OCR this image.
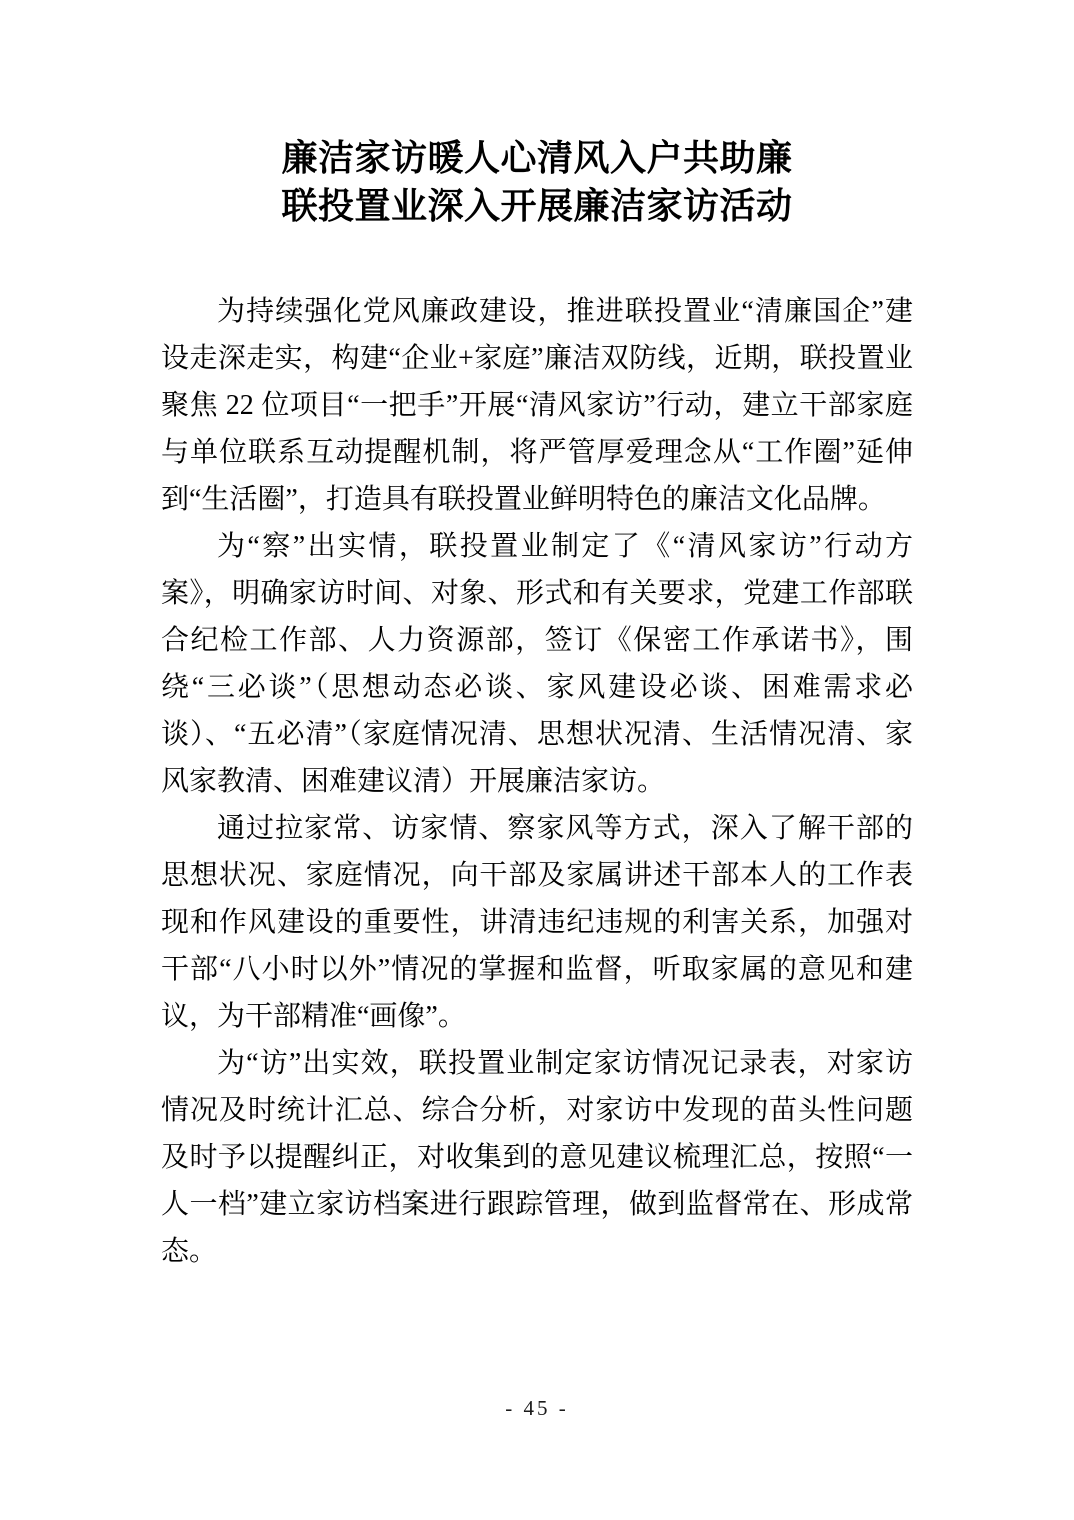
廉洁家访暖人心清风入户共助廉
联投置业深入开展廉洁家访活动

为持续强化党风廉政建设，推进联投置业“清廉国企”建设走深走实，构建“企业+家庭”廉洁双防线，近期，联投置业聚焦 22 位项目“一把手”开展“清风家访”行动，建立干部家庭与单位联系互动提醒机制，将严管厚爱理念从“工作圈”延伸到“生活圈”，打造具有联投置业鲜明特色的廉洁文化品牌。

为“察”出实情，联投置业制定了《“清风家访”行动方案》，明确家访时间、对象、形式和有关要求，党建工作部联合纪检工作部、人力资源部，签订《保密工作承诺书》，围绕“三必谈”（思想动态必谈、家风建设必谈、困难需求必谈）、“五必清”（家庭情况清、思想状况清、生活情况清、家风家教清、困难建议清）开展廉洁家访。

通过拉家常、访家情、察家风等方式，深入了解干部的思想状况、家庭情况，向干部及家属讲述干部本人的工作表现和作风建设的重要性，讲清违纪违规的利害关系，加强对干部“八小时以外”情况的掌握和监督，听取家属的意见和建议，为干部精准“画像”。

为“访”出实效，联投置业制定家访情况记录表，对家访情况及时统计汇总、综合分析，对家访中发现的苗头性问题及时予以提醒纠正，对收集到的意见建议梳理汇总，按照“一人一档”建立家访档案进行跟踪管理，做到监督常在、形成常态。

- 45 -
